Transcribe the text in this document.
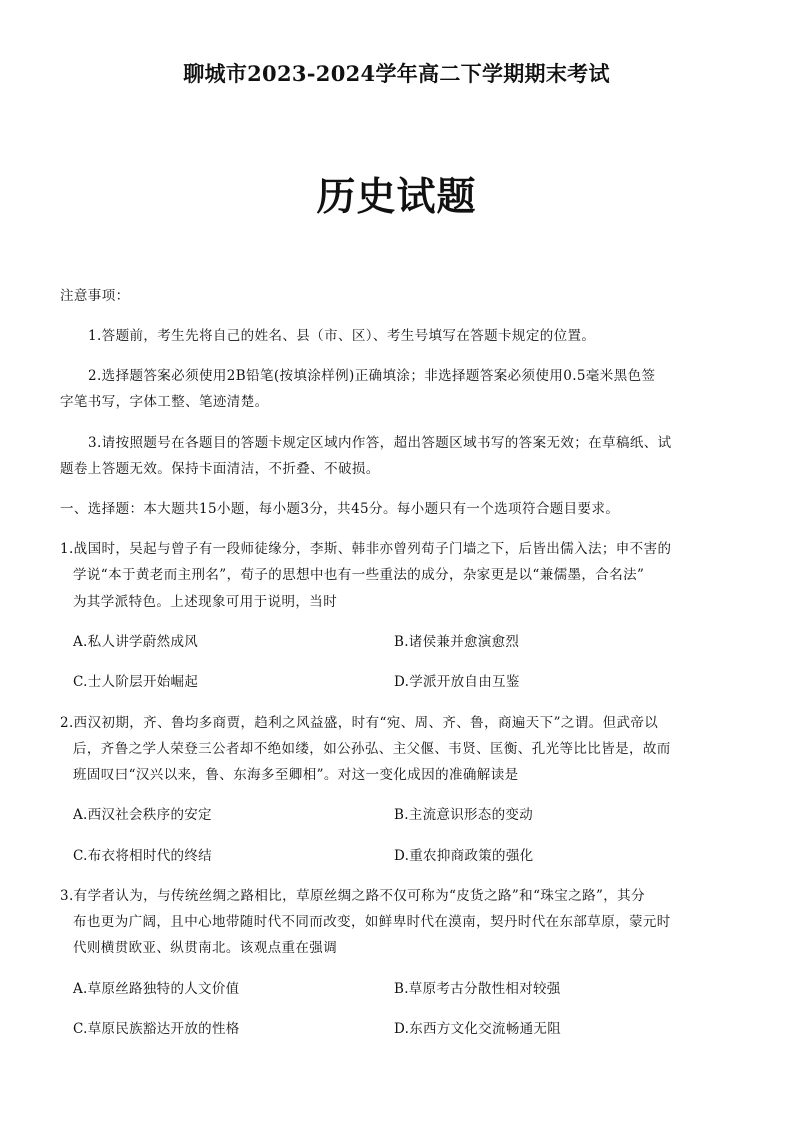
聊城市2023-2024学年高二下学期期末考试
历史试题
注意事项：
1.答题前，考生先将自己的姓名、县（市、区）、考生号填写在答题卡规定的位置。
2.选择题答案必须使用2B铅笔(按填涂样例)正确填涂；非选择题答案必须使用0.5毫米黑色签
字笔书写，字体工整、笔迹清楚。
3.请按照题号在各题目的答题卡规定区域内作答，超出答题区域书写的答案无效；在草稿纸、试
题卷上答题无效。保持卡面清洁，不折叠、不破损。
一、选择题：本大题共15小题，每小题3分，共45分。每小题只有一个选项符合题目要求。
1.战国时，吴起与曾子有一段师徒缘分，李斯、韩非亦曾列荀子门墙之下，后皆出儒入法；申不害的
学说“本于黄老而主刑名”，荀子的思想中也有一些重法的成分，杂家更是以“兼儒墨，合名法”
为其学派特色。上述现象可用于说明，当时
A.私人讲学蔚然成风	B.诸侯兼并愈演愈烈
C.士人阶层开始崛起	D.学派开放自由互鉴
2.西汉初期，齐、鲁均多商贾，趋利之风益盛，时有“宛、周、齐、鲁，商遍天下”之谓。但武帝以
后，齐鲁之学人荣登三公者却不绝如缕，如公孙弘、主父偃、韦贤、匡衡、孔光等比比皆是，故而
班固叹曰“汉兴以来，鲁、东海多至卿相”。对这一变化成因的准确解读是
A.西汉社会秩序的安定	B.主流意识形态的变动
C.布衣将相时代的终结	D.重农抑商政策的强化
3.有学者认为，与传统丝绸之路相比，草原丝绸之路不仅可称为“皮货之路”和“珠宝之路”，其分
布也更为广阔，且中心地带随时代不同而改变，如鲜卑时代在漠南，契丹时代在东部草原，蒙元时
代则横贯欧亚、纵贯南北。该观点重在强调
A.草原丝路独特的人文价值	B.草原考古分散性相对较强
C.草原民族豁达开放的性格	D.东西方文化交流畅通无阻
